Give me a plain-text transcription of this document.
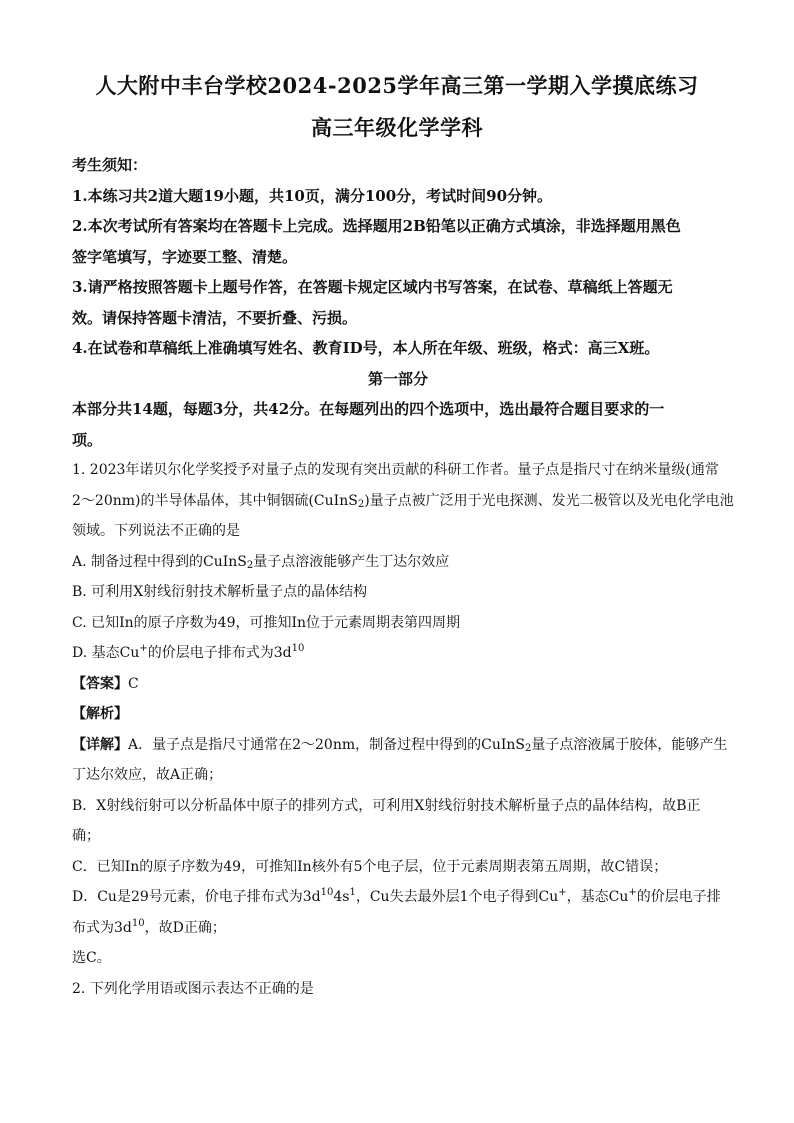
人大附中丰台学校2024-2025学年高三第一学期入学摸底练习
高三年级化学学科
考生须知：
1.本练习共2道大题19小题，共10页，满分100分，考试时间90分钟。
2.本次考试所有答案均在答题卡上完成。选择题用2B铅笔以正确方式填涂，非选择题用黑色
签字笔填写，字迹要工整、清楚。
3.请严格按照答题卡上题号作答，在答题卡规定区域内书写答案，在试卷、草稿纸上答题无
效。请保持答题卡清洁，不要折叠、污损。
4.在试卷和草稿纸上准确填写姓名、教育ID号，本人所在年级、班级，格式：高三X班。
第一部分
本部分共14题，每题3分，共42分。在每题列出的四个选项中，选出最符合题目要求的一
项。
1. 2023年诺贝尔化学奖授予对量子点的发现有突出贡献的科研工作者。量子点是指尺寸在纳米量级(通常
2～20nm)的半导体晶体，其中铜铟硫(CuInS$_2$)量子点被广泛用于光电探测、发光二极管以及光电化学电池
领域。下列说法不正确的是
A. 制备过程中得到的CuInS$_2$量子点溶液能够产生丁达尔效应
B. 可利用X射线衍射技术解析量子点的晶体结构
C. 已知In的原子序数为49，可推知In位于元素周期表第四周期
D. 基态Cu+的价层电子排布式为$3d^{10}$
【答案】C
【解析】
【详解】A．量子点是指尺寸通常在2～20nm，制备过程中得到的CuInS$_2$量子点溶液属于胶体，能够产生
丁达尔效应，故A正确；
B．X射线衍射可以分析晶体中原子的排列方式，可利用X射线衍射技术解析量子点的晶体结构，故B正
确；
C．已知In的原子序数为49，可推知In核外有5个电子层，位于元素周期表第五周期，故C错误；
D．Cu是29号元素，价电子排布式为$3d^{10}4s^1$，Cu失去最外层1个电子得到Cu+，基态Cu+的价层电子排
布式为$3d^{10}$，故D正确；
选C。
2. 下列化学用语或图示表达不正确的是
